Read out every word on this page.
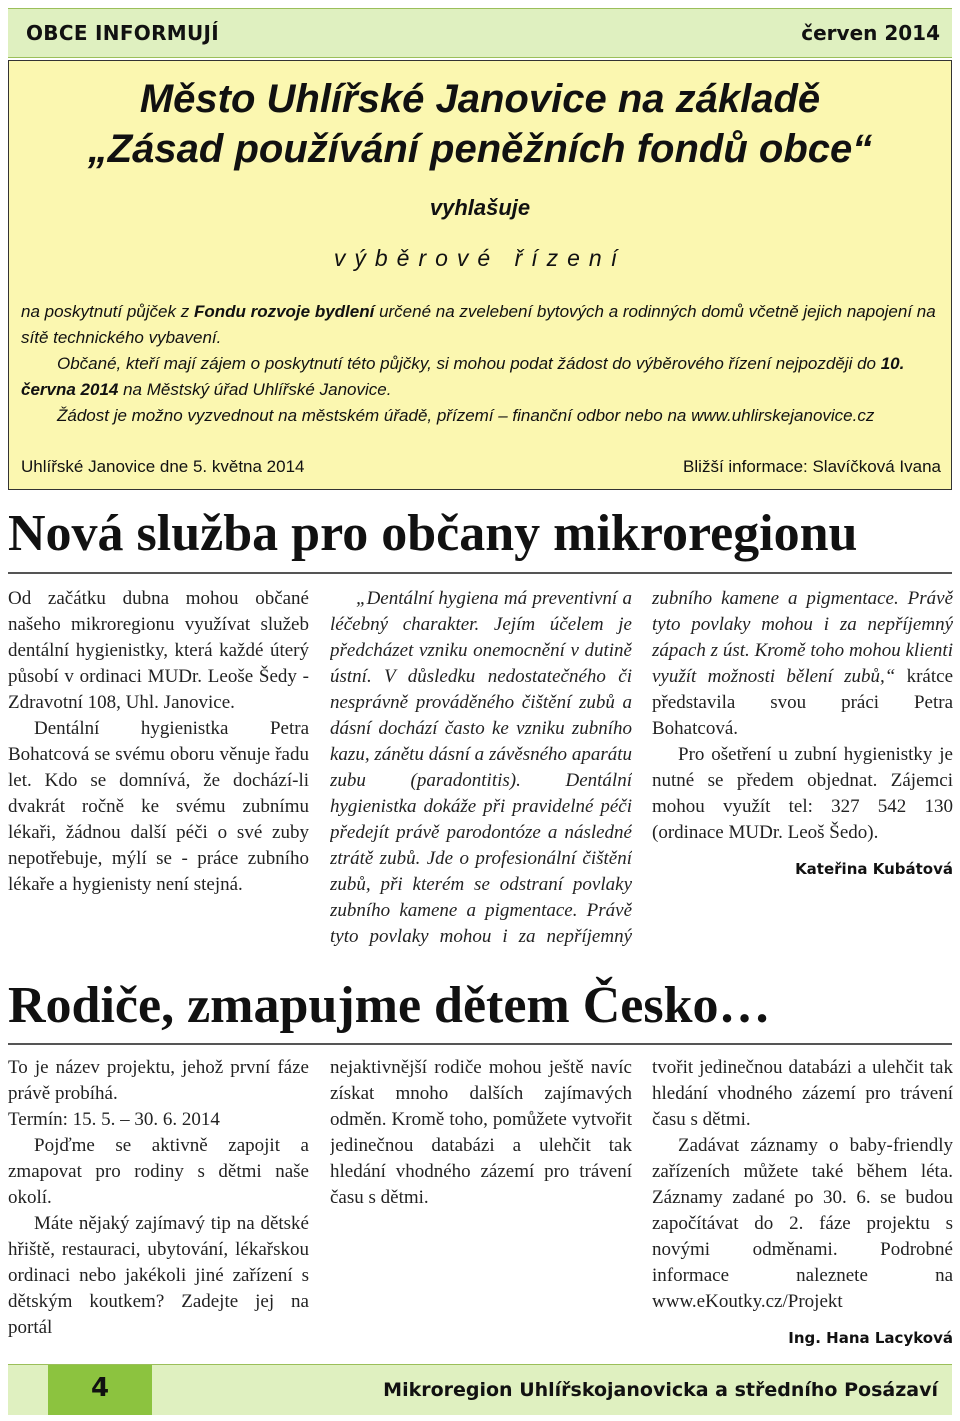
OBCE INFORMUJÍ	červen 2014
Město Uhlířské Janovice na základě
„Zásad používání peněžních fondů obce“
vyhlašuje
výběrové řízení

na poskytnutí půjček z Fondu rozvoje bydlení určené na zvelebení bytových a rodinných domů včetně jejich napojení na sítě technického vybavení.

Občané, kteří mají zájem o poskytnutí této půjčky, si mohou podat žádost do výběrového řízení nejpozději do 10. června 2014 na Městský úřad Uhlířské Janovice.

Žádost je možno vyzvednout na městském úřadě, přízemí – finanční odbor nebo na www.uhlirskejanovice.cz

Uhlířské Janovice dne 5. května 2014	Bližší informace: Slavíčková Ivana
Nová služba pro občany mikroregionu

Od začátku dubna mohou občané našeho mikroregionu využívat služeb dentální hygienistky, která každé úterý působí v ordinaci MUDr. Leoše Šedy - Zdravotní 108, Uhl. Janovice.

Dentální hygienistka Petra Bohatcová se svému oboru věnuje řadu let. Kdo se domnívá, že dochází-li dvakrát ročně ke svému zubnímu lékaři, žádnou další péči o své zuby nepotřebuje, mýlí se - práce zubního lékaře a hygienisty není stejná.

„Dentální hygiena má preventivní a léčebný charakter. Jejím účelem je předcházet vzniku onemocnění v dutině ústní. V důsledku nedostatečného či nesprávně prováděného čištění zubů a dásní dochází často ke vzniku zubního kazu, zánětu dásní a závěsného aparátu zubu (paradontitis). Dentální hygienistka dokáže při pravidelné péči předejít právě parodontóze a následné ztrátě zubů. Jde o profesionální čištění zubů, při kterém se odstraní povlaky zubního kamene a pigmentace. Právě tyto povlaky mohou i za nepříjemný

zubního kamene a pigmentace. Právě tyto povlaky mohou i za nepříjemný zápach z úst. Kromě toho mohou klienti využít možnosti bělení zubů,“ krátce představila svou práci Petra Bohatcová.

Pro ošetření u zubní hygienistky je nutné se předem objednat. Zájemci mohou využít tel: 327 542 130 (ordinace MUDr. Leoš Šedo).

Kateřina Kubátová

Rodiče, zmapujme dětem Česko…

To je název projektu, jehož první fáze právě probíhá.

Termín: 15. 5. – 30. 6. 2014

Pojďme se aktivně zapojit a zmapovat pro rodiny s dětmi naše okolí.

Máte nějaký zajímavý tip na dětské hřiště, restauraci, ubytování, lékařskou ordinaci nebo jakékoli jiné zařízení s dětským koutkem? Zadejte jej na portál

nejaktivnější rodiče mohou ještě navíc získat mnoho dalších zajímavých odměn. Kromě toho, pomůžete vytvořit jedinečnou databázi a ulehčit tak hledání vhodného zázemí pro trávení času s dětmi.

tvořit jedinečnou databázi a ulehčit tak hledání vhodného zázemí pro trávení času s dětmi.

Zadávat záznamy o baby-friendly zařízeních můžete také během léta. Záznamy zadané po 30. 6. se budou započítávat do 2. fáze projektu s novými odměnami. Podrobné informace naleznete na www.eKoutky.cz/Projekt

Ing. Hana Lacyková

4	Mikroregion Uhlířskojanovicka a středního Posázaví
